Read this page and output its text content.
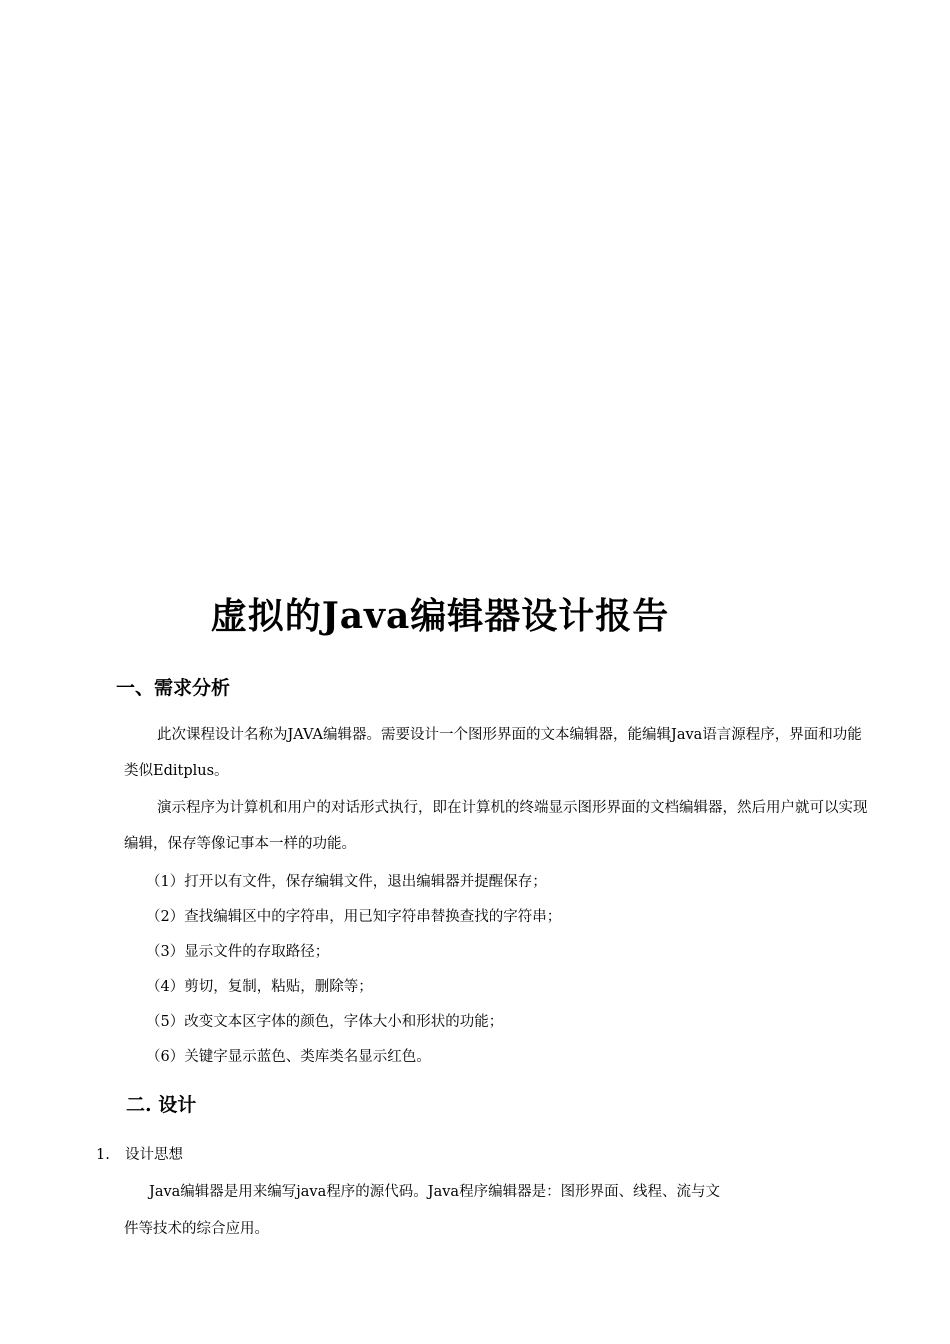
虚拟的Java编辑器设计报告
一、需求分析

此次课程设计名称为JAVA编辑器。需要设计一个图形界面的文本编辑器，能编辑Java语言源程序，界面和功能类似Editplus。

演示程序为计算机和用户的对话形式执行，即在计算机的终端显示图形界面的文档编辑器，然后用户就可以实现编辑，保存等像记事本一样的功能。

（1）打开以有文件，保存编辑文件，退出编辑器并提醒保存；
（2）查找编辑区中的字符串，用已知字符串替换查找的字符串；
（3）显示文件的存取路径；
（4）剪切，复制，粘贴，删除等；
（5）改变文本区字体的颜色，字体大小和形状的功能；
（6）关键字显示蓝色、类库类名显示红色。
二. 设计
1. 设计思想

Java编辑器是用来编写java程序的源代码。Java程序编辑器是：图形界面、线程、流与文

件等技术的综合应用。
